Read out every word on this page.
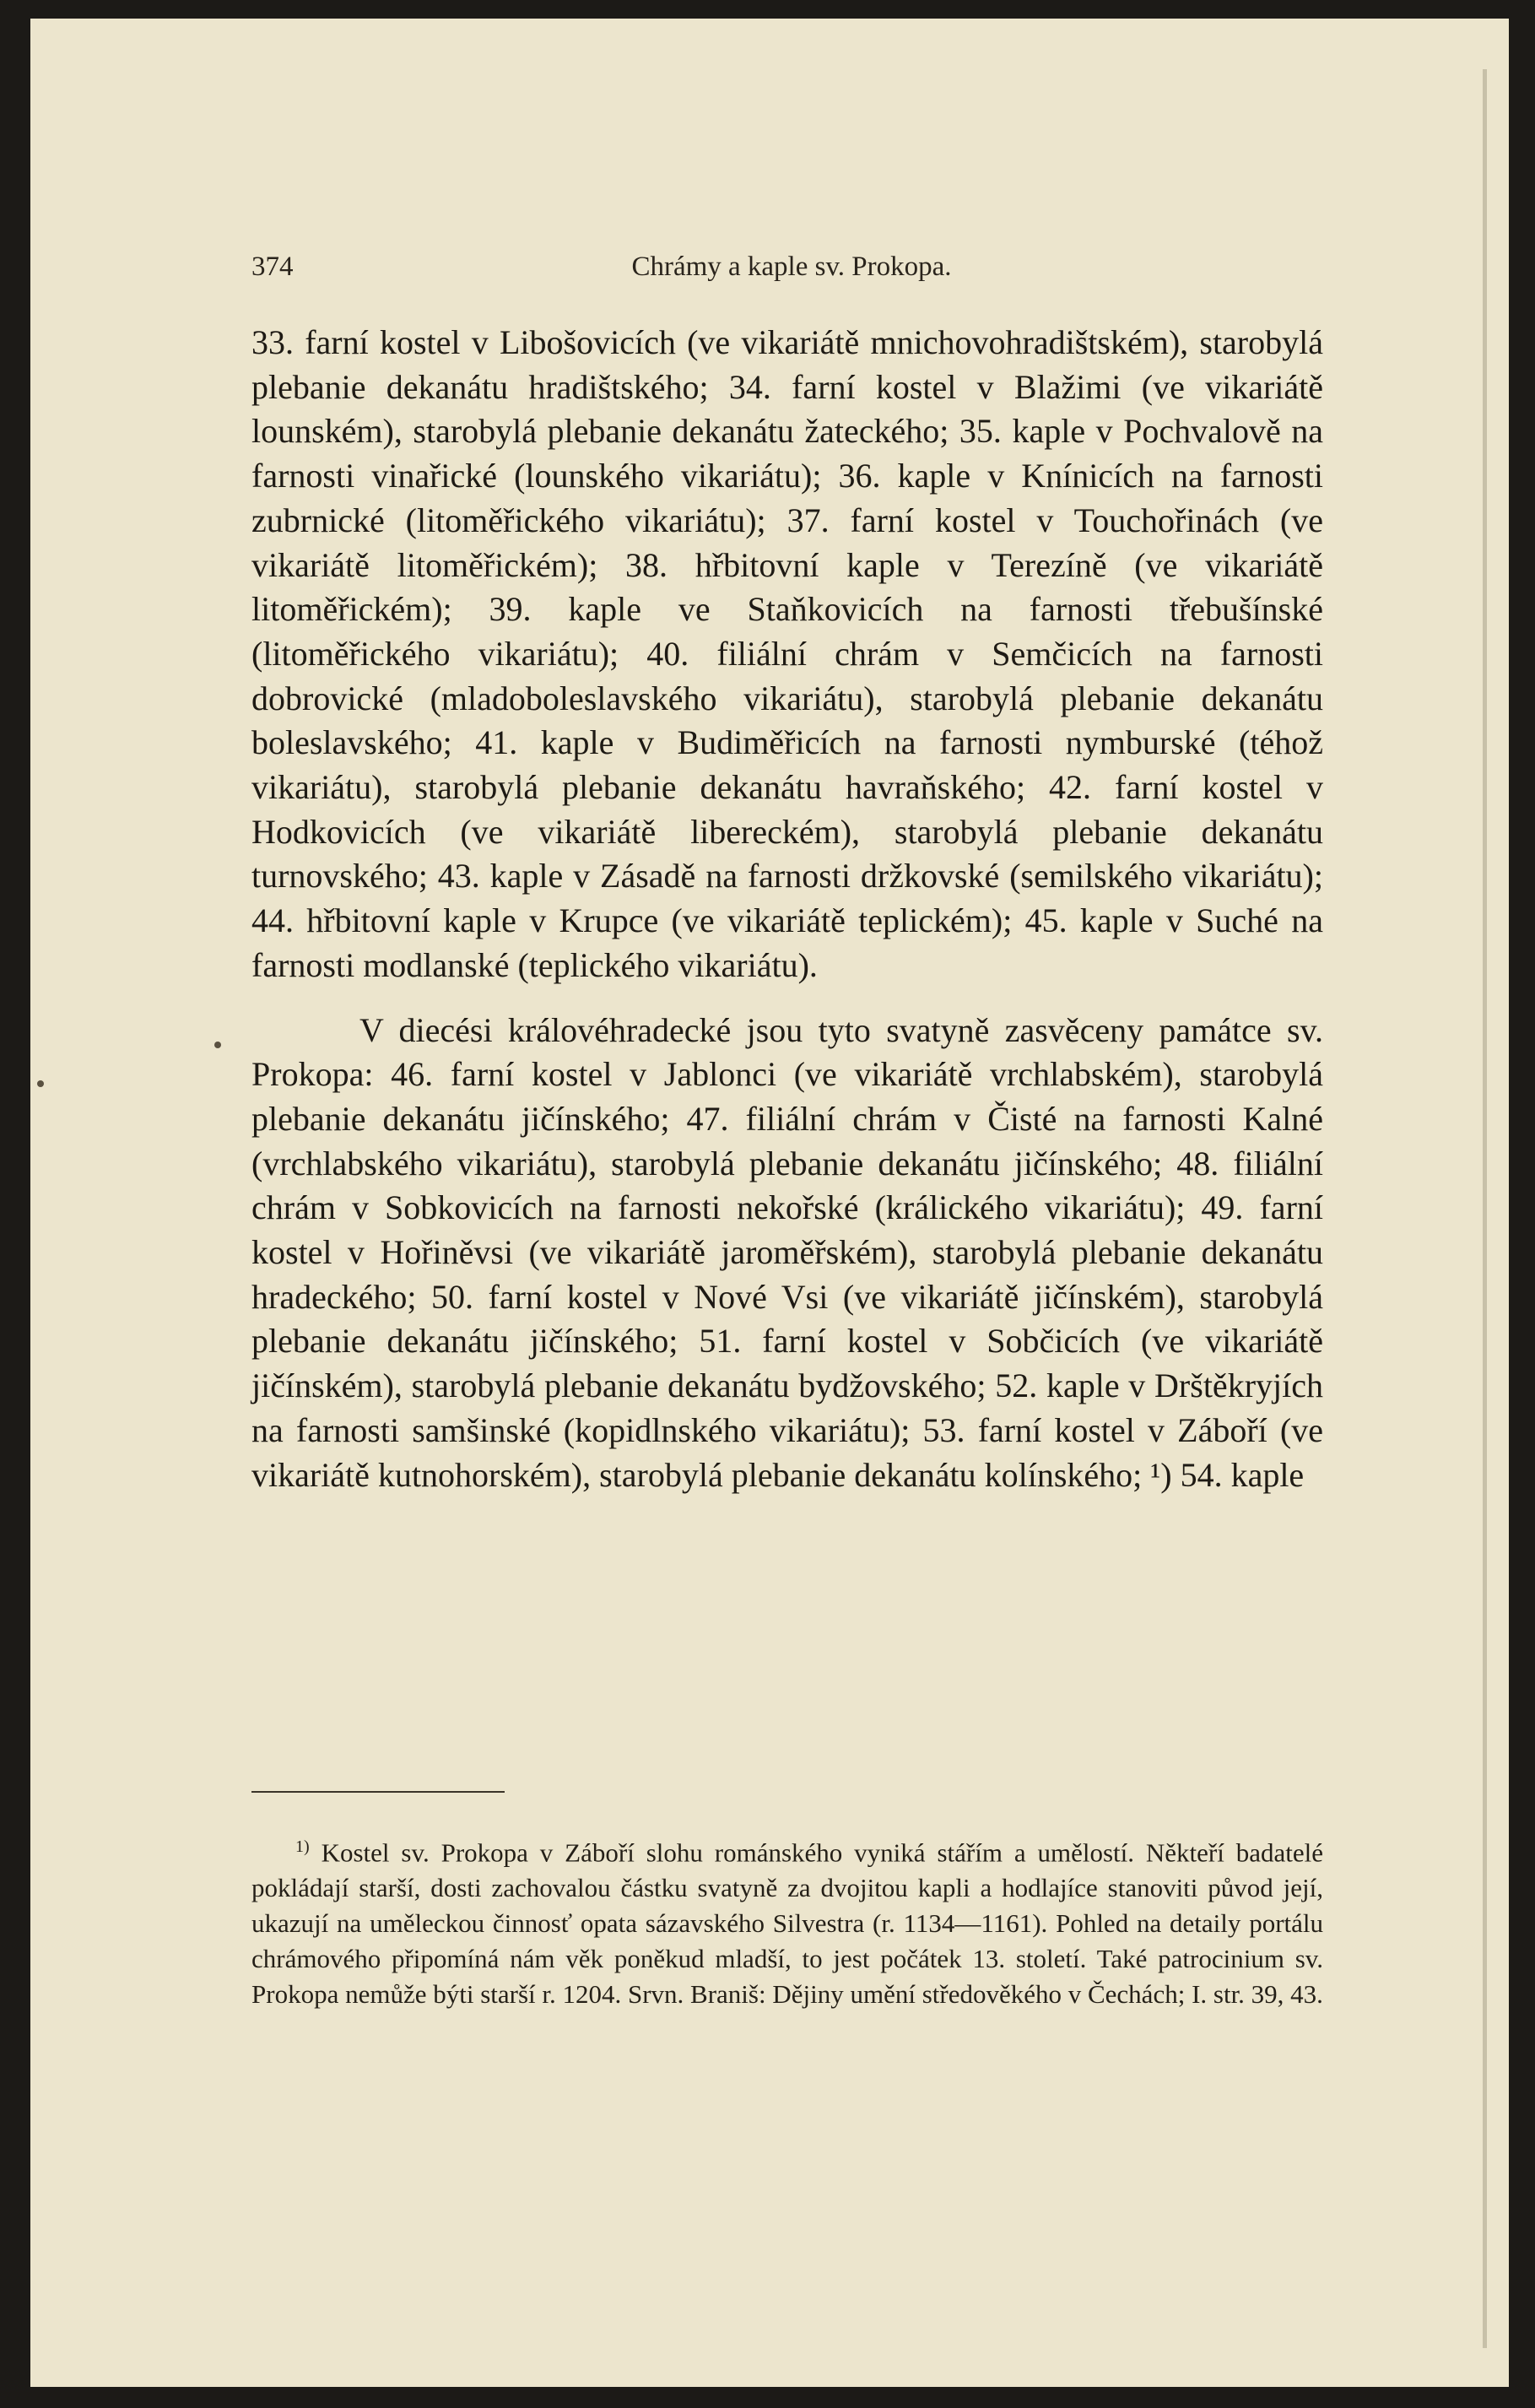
374	Chrámy a kaple sv. Prokopa.

33. farní kostel v Libošovicích (ve vikariátě mnichovohradištském), starobylá plebanie dekanátu hradištského; 34. farní kostel v Blažimi (ve vikariátě lounském), starobylá plebanie dekanátu žateckého; 35. kaple v Pochvalově na farnosti vinařické (lounského vikariátu); 36. kaple v Knínicích na farnosti zubrnické (litoměřického vikariátu); 37. farní kostel v Touchořinách (ve vikariátě litoměřickém); 38. hřbitovní kaple v Terezíně (ve vikariátě litoměřickém); 39. kaple ve Staňkovicích na farnosti třebušínské (litoměřického vikariátu); 40. filiální chrám v Semčicích na farnosti dobrovické (mladoboleslavského vikariátu), starobylá plebanie dekanátu boleslavského; 41. kaple v Budiměřicích na farnosti nymburské (téhož vikariátu), starobylá plebanie dekanátu havraňského; 42. farní kostel v Hodkovicích (ve vikariátě libereckém), starobylá plebanie dekanátu turnovského; 43. kaple v Zásadě na farnosti držkovské (semilského vikariátu); 44. hřbitovní kaple v Krupce (ve vikariátě teplickém); 45. kaple v Suché na farnosti modlanské (teplického vikariátu).

V diecési královéhradecké jsou tyto svatyně zasvěceny památce sv. Prokopa: 46. farní kostel v Jablonci (ve vikariátě vrchlabském), starobylá plebanie dekanátu jičínského; 47. filiální chrám v Čisté na farnosti Kalné (vrchlabského vikariátu), starobylá plebanie dekanátu jičínského; 48. filiální chrám v Sobkovicích na farnosti nekořské (králického vikariátu); 49. farní kostel v Hořiněvsi (ve vikariátě jaroměřském), starobylá plebanie dekanátu hradeckého; 50. farní kostel v Nové Vsi (ve vikariátě jičínském), starobylá plebanie dekanátu jičínského; 51. farní kostel v Sobčicích (ve vikariátě jičínském), starobylá plebanie dekanátu bydžovského; 52. kaple v Drštěkryjích na farnosti samšinské (kopidlnského vikariátu); 53. farní kostel v Záboří (ve vikariátě kutnohorském), starobylá plebanie dekanátu kolínského; ¹) 54. kaple

$^{1)}$ Kostel sv. Prokopa v Záboří slohu románského vyniká stářím a umělostí. Někteří badatelé pokládají starší, dosti zachovalou částku svatyně za dvojitou kapli a hodlajíce stanoviti původ její, ukazují na uměleckou činnosť opata sázavského Silvestra (r. 1134—1161). Pohled na detaily portálu chrámového připomíná nám věk poněkud mladší, to jest počátek 13. století. Také patrocinium sv. Prokopa nemůže býti starší r. 1204. Srvn. Braniš: Dějiny umění středověkého v Čechách; I. str. 39, 43.
